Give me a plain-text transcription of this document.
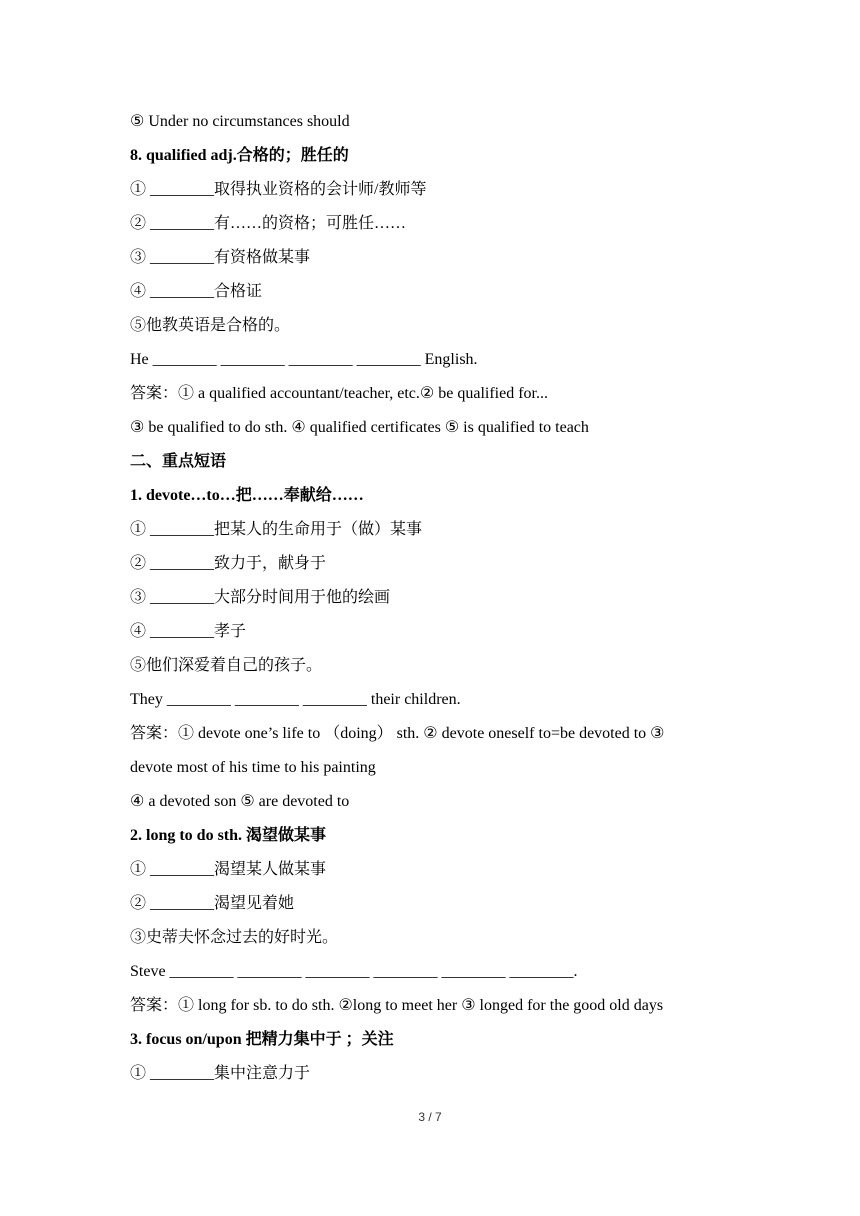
⑤ Under no circumstances should
8. qualified adj.合格的；胜任的
① ________取得执业资格的会计师/教师等
② ________有……的资格；可胜任……
③ ________有资格做某事
④ ________合格证
⑤他教英语是合格的。
He ________ ________ ________ ________ English.
答案：① a qualified accountant/teacher, etc.② be qualified for...
③ be qualified to do sth. ④ qualified certificates ⑤ is qualified to teach
二、重点短语
1. devote…to…把……奉献给……
① ________把某人的生命用于（做）某事
② ________致力于，献身于
③ ________大部分时间用于他的绘画
④ ________孝子
⑤他们深爱着自己的孩子。
They ________ ________ ________ their children.
答案：① devote one’s life to （doing） sth. ② devote oneself to=be devoted to ③
devote most of his time to his painting
④ a devoted son ⑤ are devoted to
2. long to do sth. 渴望做某事
① ________渴望某人做某事
② ________渴望见着她
③史蒂夫怀念过去的好时光。
Steve ________ ________ ________ ________ ________ ________.
答案：① long for sb. to do sth. ②long to meet her ③ longed for the good old days
3. focus on/upon 把精力集中于 ；关注
① ________集中注意力于
3 / 7
